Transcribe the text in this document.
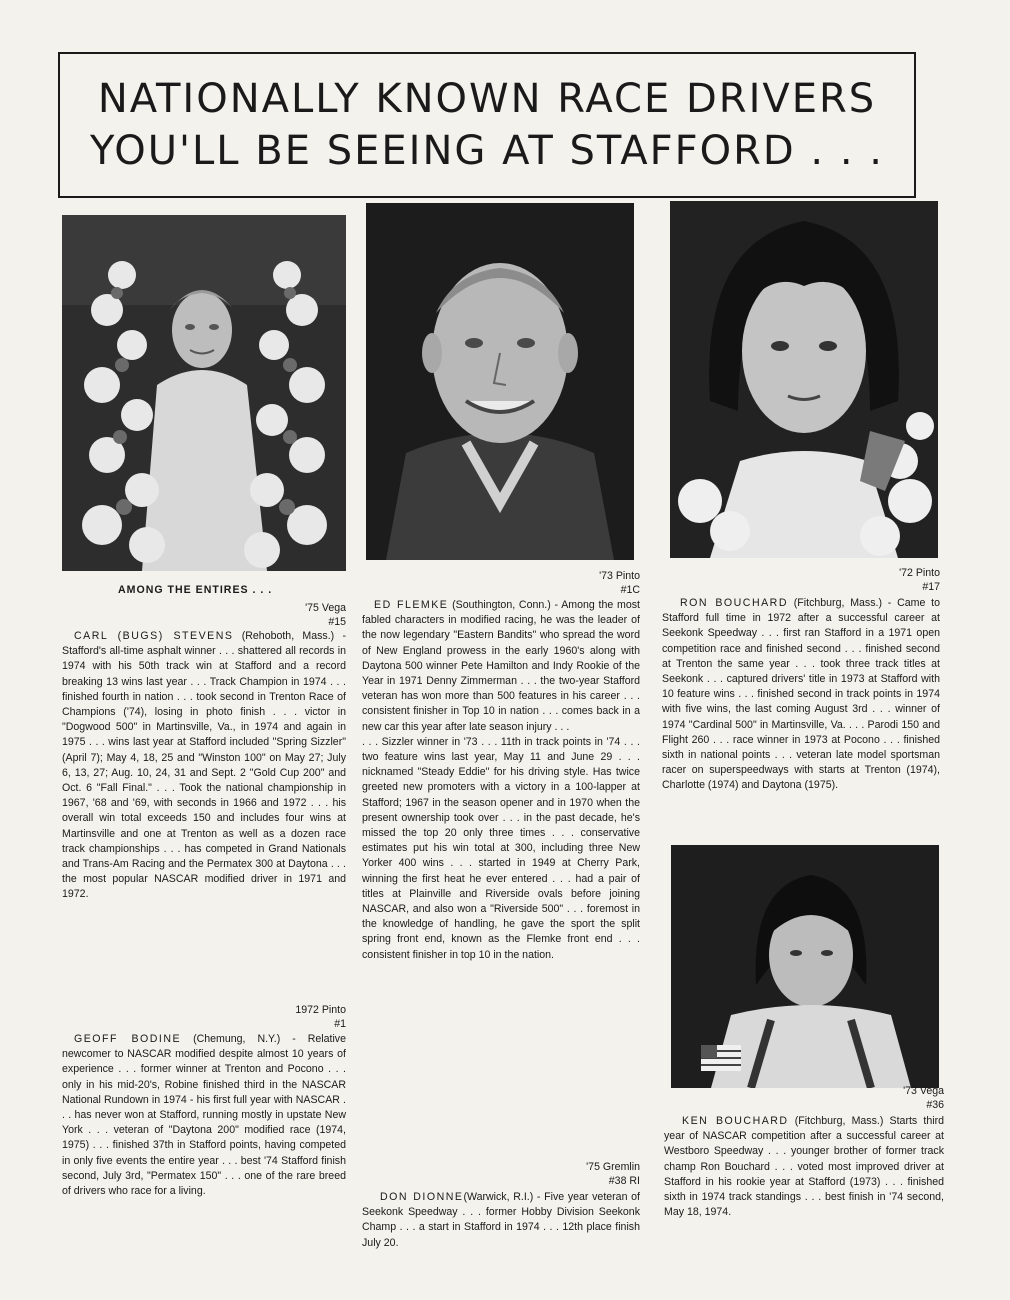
NATIONALLY KNOWN RACE DRIVERS
YOU'LL BE SEEING AT STAFFORD . . .
AMONG THE ENTIRES . . .
'75 Vega
#15

CARL (BUGS) STEVENS (Rehoboth, Mass.) - Stafford's all-time asphalt winner . . . shattered all records in 1974 with his 50th track win at Stafford and a record breaking 13 wins last year . . . Track Champion in 1974 . . . finished fourth in nation . . . took second in Trenton Race of Champions ('74), losing in photo finish . . . victor in "Dogwood 500" in Martinsville, Va., in 1974 and again in 1975 . . . wins last year at Stafford included "Spring Sizzler" (April 7); May 4, 18, 25 and "Winston 100" on May 27; July 6, 13, 27; Aug. 10, 24, 31 and Sept. 2 "Gold Cup 200" and Oct. 6 "Fall Final." . . . Took the national championship in 1967, '68 and '69, with seconds in 1966 and 1972 . . . his overall win total exceeds 150 and includes four wins at Martinsville and one at Trenton as well as a dozen race track championships . . . has competed in Grand Nationals and Trans-Am Racing and the Permatex 300 at Daytona . . . the most popular NASCAR modified driver in 1971 and 1972.

1972 Pinto
#1

GEOFF BODINE (Chemung, N.Y.) - Relative newcomer to NASCAR modified despite almost 10 years of experience . . . former winner at Trenton and Pocono . . . only in his mid-20's, Robine finished third in the NASCAR National Rundown in 1974 - his first full year with NASCAR . . . has never won at Stafford, running mostly in upstate New York . . . veteran of "Daytona 200" modified race (1974, 1975) . . . finished 37th in Stafford points, having competed in only five events the entire year . . . best '74 Stafford finish second, July 3rd, "Permatex 150" . . . one of the rare breed of drivers who race for a living.

'73 Pinto
#1C

ED FLEMKE (Southington, Conn.) - Among the most fabled characters in modified racing, he was the leader of the now legendary "Eastern Bandits" who spread the word of New England prowess in the early 1960's along with Daytona 500 winner Pete Hamilton and Indy Rookie of the Year in 1971 Denny Zimmerman . . . the two-year Stafford veteran has won more than 500 features in his career . . . consistent finisher in Top 10 in nation . . . comes back in a new car this year after late season injury . . .

. . . Sizzler winner in '73 . . . 11th in track points in '74 . . . two feature wins last year, May 11 and June 29 . . . nicknamed "Steady Eddie" for his driving style. Has twice greeted new promoters with a victory in a 100-lapper at Stafford; 1967 in the season opener and in 1970 when the present ownership took over . . . in the past decade, he's missed the top 20 only three times . . . conservative estimates put his win total at 300, including three New Yorker 400 wins . . . started in 1949 at Cherry Park, winning the first heat he ever entered . . . had a pair of titles at Plainville and Riverside ovals before joining NASCAR, and also won a "Riverside 500" . . . foremost in the knowledge of handling, he gave the sport the split spring front end, known as the Flemke front end . . . consistent finisher in top 10 in the nation.

'75 Gremlin
#38 RI

DON DIONNE(Warwick, R.I.) - Five year veteran of Seekonk Speedway . . . former Hobby Division Seekonk Champ . . . a start in Stafford in 1974 . . . 12th place finish July 20.

'72 Pinto
#17

RON BOUCHARD (Fitchburg, Mass.) - Came to Stafford full time in 1972 after a successful career at Seekonk Speedway . . . first ran Stafford in a 1971 open competition race and finished second . . . finished second at Trenton the same year . . . took three track titles at Seekonk . . . captured drivers' title in 1973 at Stafford with 10 feature wins . . . finished second in track points in 1974 with five wins, the last coming August 3rd . . . winner of 1974 "Cardinal 500" in Martinsville, Va. . . . Parodi 150 and Flight 260 . . . race winner in 1973 at Pocono . . . finished sixth in national points . . . veteran late model sportsman racer on superspeedways with starts at Trenton (1974), Charlotte (1974) and Daytona (1975).

'73 Vega
#36

KEN BOUCHARD (Fitchburg, Mass.) Starts third year of NASCAR competition after a successful career at Westboro Speedway . . . younger brother of former track champ Ron Bouchard . . . voted most improved driver at Stafford in his rookie year at Stafford (1973) . . . finished sixth in 1974 track standings . . . best finish in '74 second, May 18, 1974.
